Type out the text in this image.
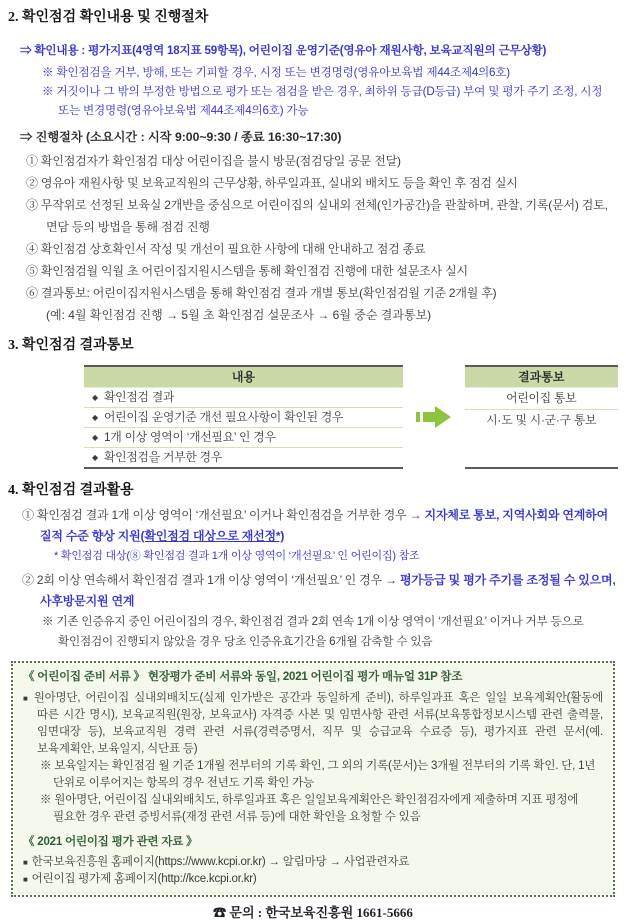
2. 확인점검 확인내용 및 진행절차

⇒ 확인내용 : 평가지표(4영역 18지표 59항목), 어린이집 운영기준(영유아 재원사항, 보육교직원의 근무상황)

※ 확인점검을 거부, 방해, 또는 기피할 경우, 시정 또는 변경명령(영유아보육법 제44조제4의6호)

※ 거짓이나 그 밖의 부정한 방법으로 평가 또는 점검을 받은 경우, 최하위 등급(D등급) 부여 및 평가 주기 조정, 시정 또는 변경명령(영유아보육법 제44조제4의6호) 가능

⇒ 진행절차 (소요시간 : 시작 9:00~9:30 / 종료 16:30~17:30)

① 확인점검자가 확인점검 대상 어린이집을 불시 방문(점검당일 공문 전달)

② 영유아 재원사항 및 보육교직원의 근무상황, 하루일과표, 실내외 배치도 등을 확인 후 점검 실시

③ 무작위로 선정된 보육실 2개반을 중심으로 어린이집의 실내외 전체(인가공간)을 관찰하며, 관찰, 기록(문서) 검토, 면담 등의 방법을 통해 점검 진행

④ 확인점검 상호확인서 작성 및 개선이 필요한 사항에 대해 안내하고 점검 종료

⑤ 확인점검월 익월 초 어린이집지원시스템을 통해 확인점검 진행에 대한 설문조사 실시

⑥ 결과통보: 어린이집지원시스템을 통해 확인점검 결과 개별 통보(확인점검월 기준 2개월 후)

(예: 4월 확인점검 진행 → 5월 초 확인점검 설문조사 → 6월 중순 결과통보)

3. 확인점검 결과통보

내용
◆ 확인점검 결과
◆ 어린이집 운영기준 개선 필요사항이 확인된 경우
◆ 1개 이상 영역이 ‘개선필요’ 인 경우
◆ 확인점검을 거부한 경우
결과통보
어린이집 통보
시·도 및 시·군·구 통보

4. 확인점검 결과활용

① 확인점검 결과 1개 이상 영역이 ‘개선필요’ 이거나 확인점검을 거부한 경우 → 지자체로 통보, 지역사회와 연계하여 질적 수준 향상 지원(확인점검 대상으로 재선정*)

* 확인점검 대상(⑧ 확인점검 결과 1개 이상 영역이 ‘개선필요’ 인 어린이집) 참조

② 2회 이상 연속해서 확인점검 결과 1개 이상 영역이 ‘개선필요’ 인 경우 → 평가등급 및 평가 주기를 조정될 수 있으며, 사후방문지원 연계

※ 기존 인증유지 중인 어린이집의 경우, 확인점검 결과 2회 연속 1개 이상 영역이 ‘개선필요’ 이거나 거부 등으로 확인점검이 진행되지 않았을 경우 당초 인증유효기간을 6개월 감축할 수 있음

《 어린이집 준비 서류 》 현장평가 준비 서류와 동일, 2021 어린이집 평가 매뉴얼 31P 참조

■ 원아명단, 어린이집 실내외배치도(실제 인가받은 공간과 동일하게 준비), 하루일과표 혹은 일일 보육계획안(활동에 따른 시간 명시), 보육교직원(원장, 보육교사) 자격증 사본 및 임면사항 관련 서류(보육통합정보시스템 관련 출력물, 임면대장 등), 보육교직원 경력 관련 서류(경력증명서, 직무 및 승급교육 수료증 등), 평가지표 관련 문서(예. 보육계획안, 보육일지, 식단표 등)

※ 보육일지는 확인점검 월 기준 1개월 전부터의 기록 확인, 그 외의 기록(문서)는 3개월 전부터의 기록 확인. 단, 1년 단위로 이루어지는 항목의 경우 전년도 기록 확인 가능

※ 원아명단, 어린이집 실내외배치도, 하루일과표 혹은 일일보육계획안은 확인점검자에게 제출하며 지표 평정에 필요한 경우 관련 증빙서류(재정 관련 서류 등)에 대한 확인을 요청할 수 있음

《 2021 어린이집 평가 관련 자료 》

■ 한국보육진흥원 홈페이지(https://www.kcpi.or.kr) → 알림마당 → 사업관련자료

■ 어린이집 평가제 홈페이지(http://kce.kcpi.or.kr)

☎ 문의 : 한국보육진흥원 1661-5666
